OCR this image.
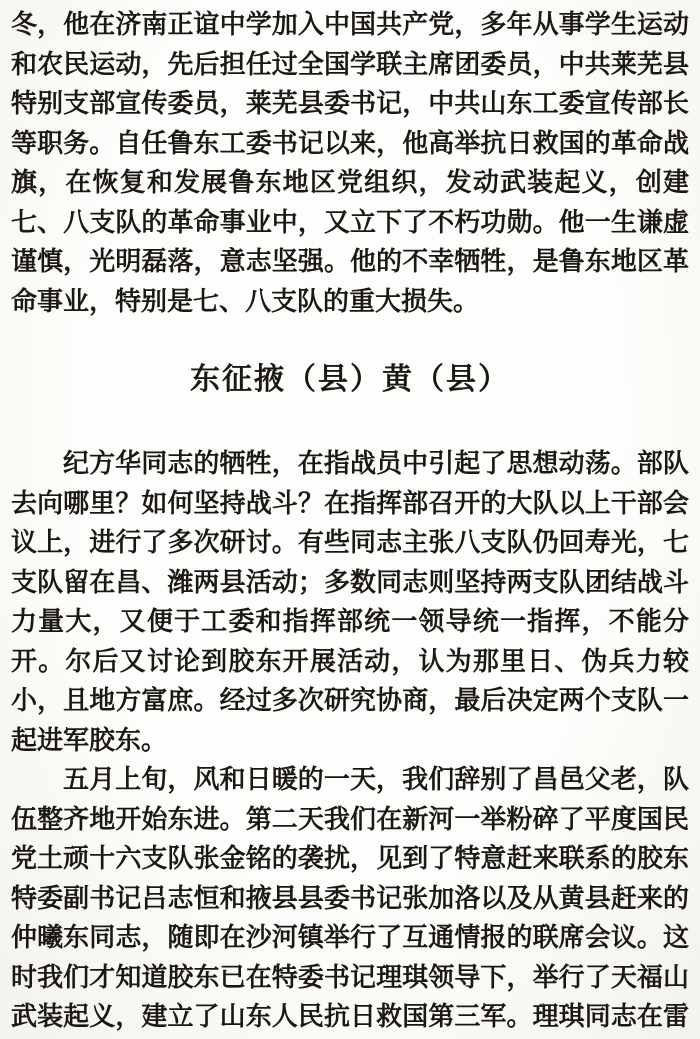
冬，他在济南正谊中学加入中国共产党，多年从事学生运动
和农民运动，先后担任过全国学联主席团委员，中共莱芜县
特别支部宣传委员，莱芜县委书记，中共山东工委宣传部长
等职务。自任鲁东工委书记以来，他高举抗日救国的革命战
旗，在恢复和发展鲁东地区党组织，发动武装起义，创建
七、八支队的革命事业中，又立下了不朽功勋。他一生谦虚
谨慎，光明磊落，意志坚强。他的不幸牺牲，是鲁东地区革
命事业，特别是七、八支队的重大损失。
东征掖（县）黄（县）
纪方华同志的牺牲，在指战员中引起了思想动荡。部队
去向哪里？如何坚持战斗？在指挥部召开的大队以上干部会
议上，进行了多次研讨。有些同志主张八支队仍回寿光，七
支队留在昌、潍两县活动；多数同志则坚持两支队团结战斗
力量大，又便于工委和指挥部统一领导统一指挥，不能分
开。尔后又讨论到胶东开展活动，认为那里日、伪兵力较
小，且地方富庶。经过多次研究协商，最后决定两个支队一
起进军胶东。
五月上旬，风和日暖的一天，我们辞别了昌邑父老，队
伍整齐地开始东进。第二天我们在新河一举粉碎了平度国民
党土顽十六支队张金铭的袭扰，见到了特意赶来联系的胶东
特委副书记吕志恒和掖县县委书记张加洛以及从黄县赶来的
仲曦东同志，随即在沙河镇举行了互通情报的联席会议。这
时我们才知道胶东已在特委书记理琪领导下，举行了天福山
武装起义，建立了山东人民抗日救国第三军。理琪同志在雷
